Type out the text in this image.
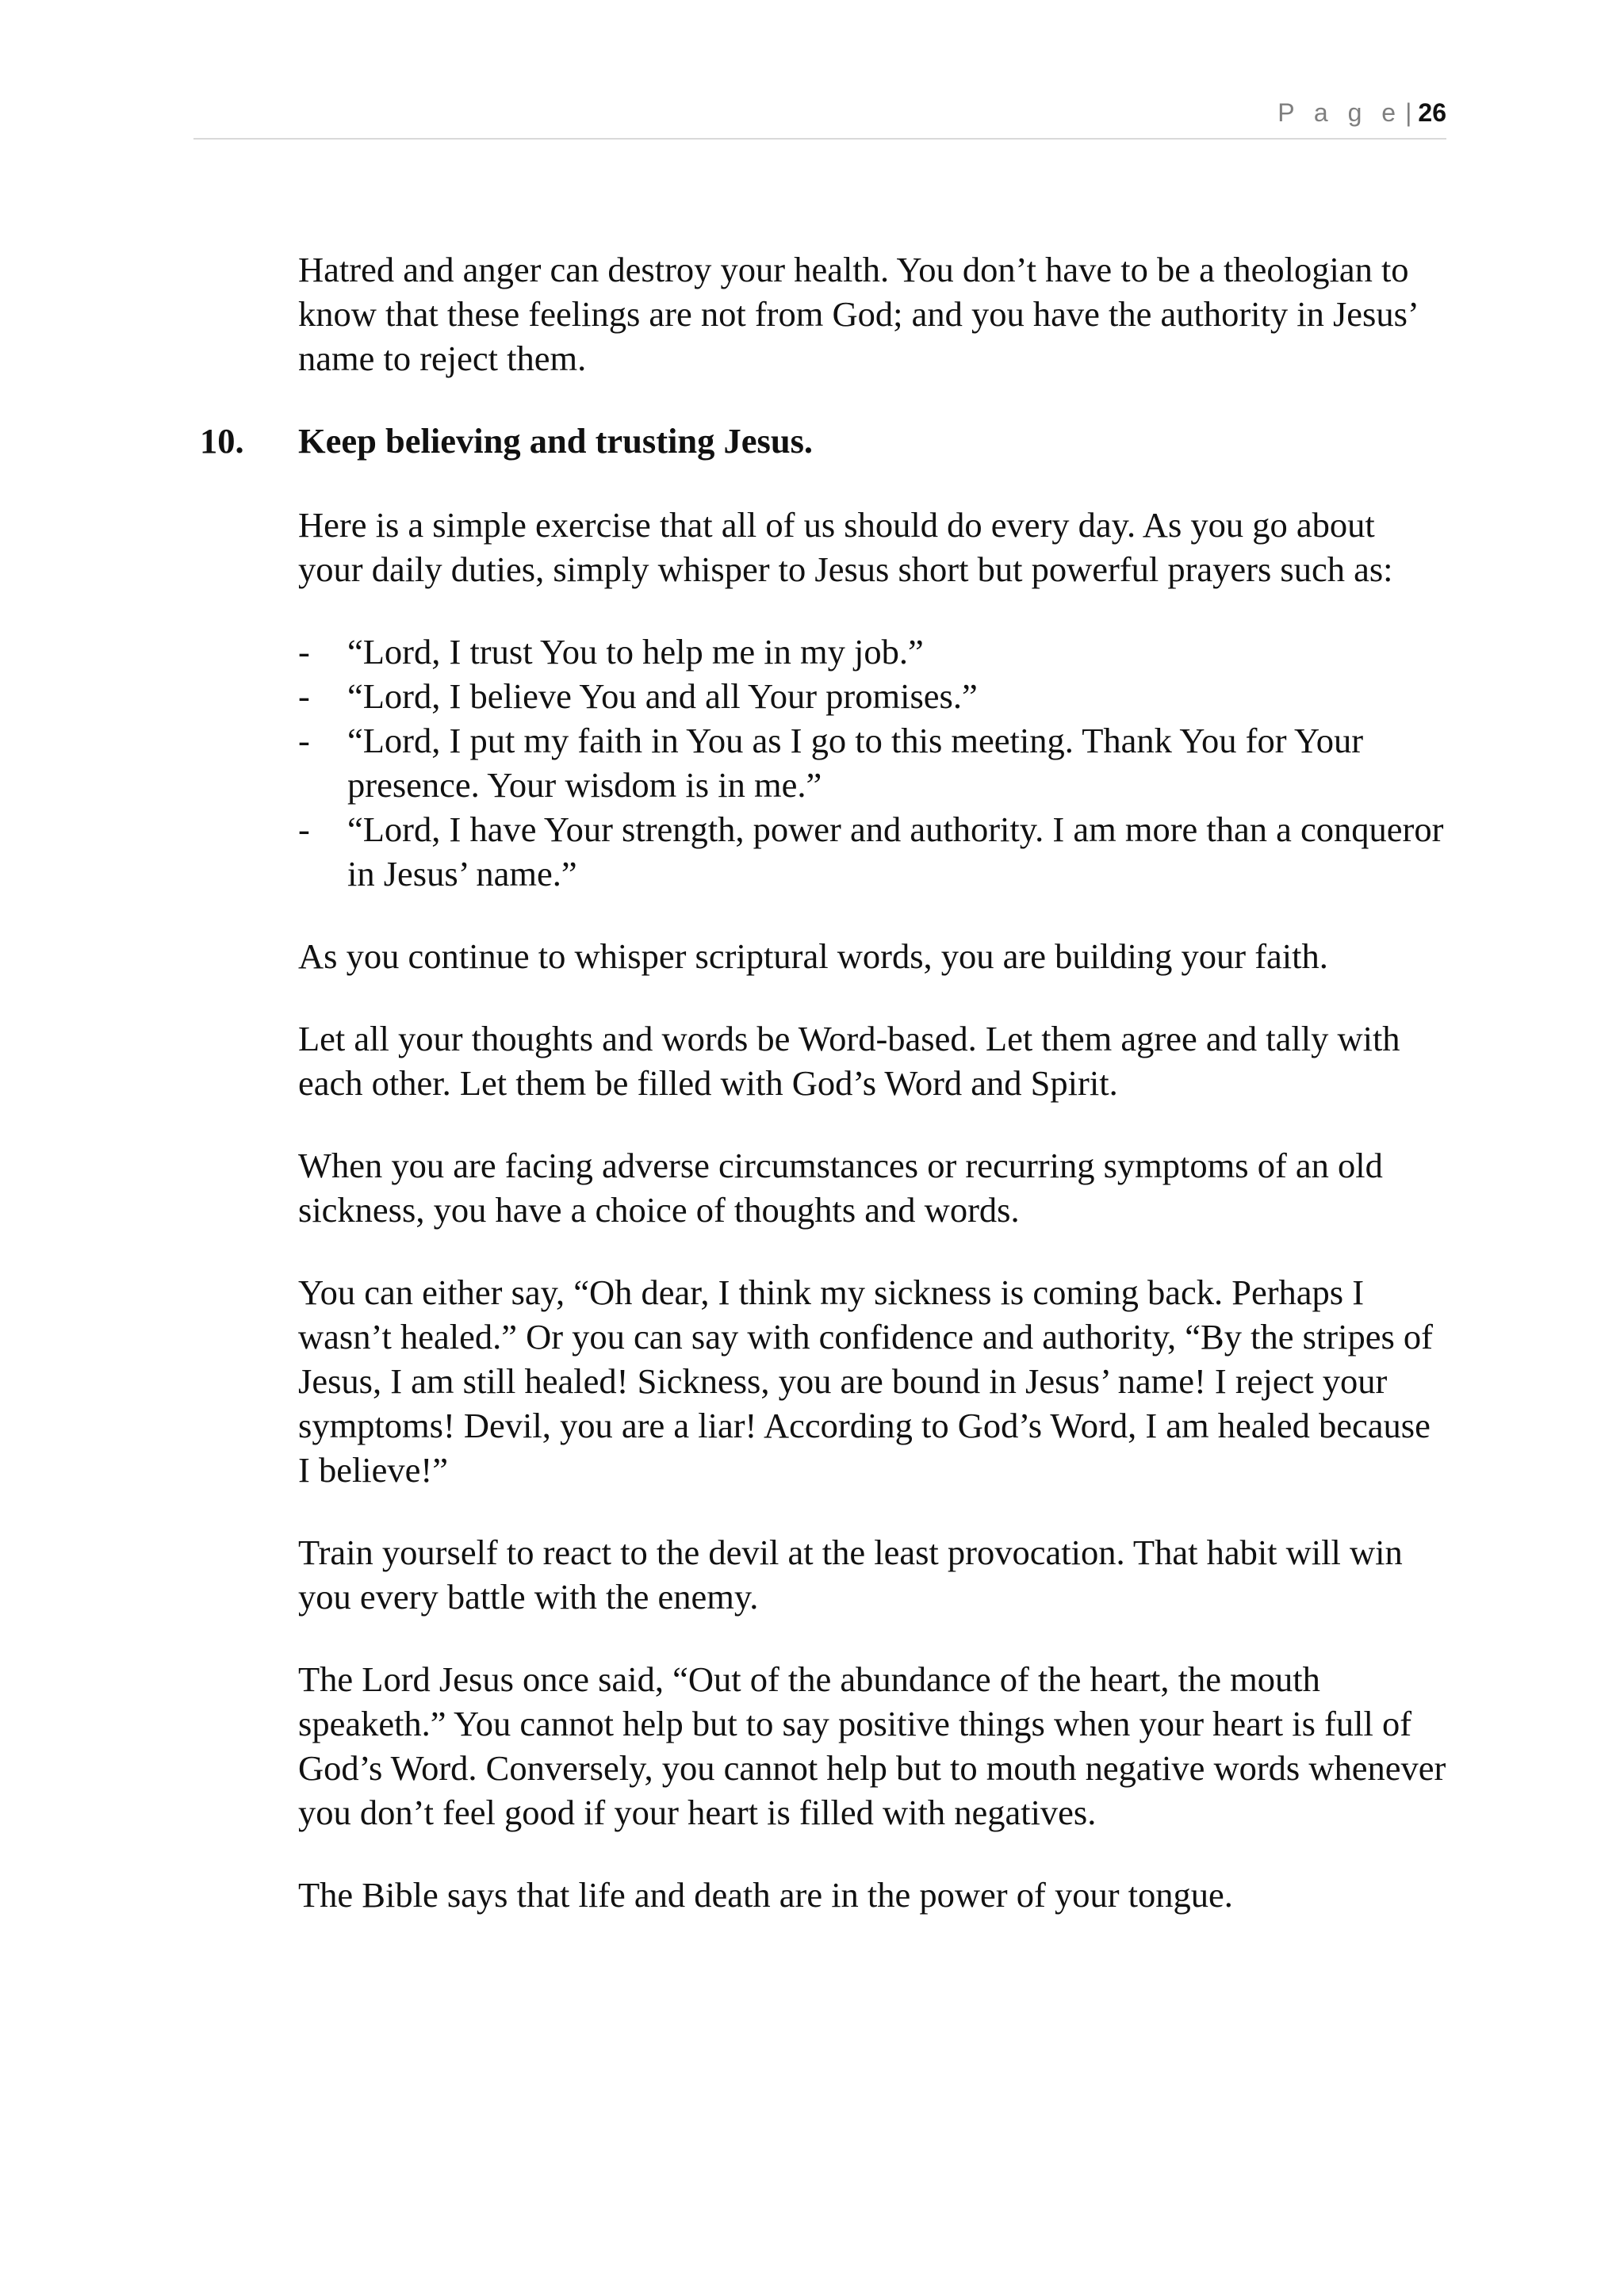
P a g e | 26

Hatred and anger can destroy your health. You don’t have to be a theologian to know that these feelings are not from God; and you have the authority in Jesus’ name to reject them.

10. Keep believing and trusting Jesus.

Here is a simple exercise that all of us should do every day. As you go about your daily duties, simply whisper to Jesus short but powerful prayers such as:

- “Lord, I trust You to help me in my job.”
- “Lord, I believe You and all Your promises.”
- “Lord, I put my faith in You as I go to this meeting. Thank You for Your presence. Your wisdom is in me.”
- “Lord, I have Your strength, power and authority. I am more than a conqueror in Jesus’ name.”

As you continue to whisper scriptural words, you are building your faith.

Let all your thoughts and words be Word-based. Let them agree and tally with each other. Let them be filled with God’s Word and Spirit.

When you are facing adverse circumstances or recurring symptoms of an old sickness, you have a choice of thoughts and words.

You can either say, “Oh dear, I think my sickness is coming back. Perhaps I wasn’t healed.” Or you can say with confidence and authority, “By the stripes of Jesus, I am still healed! Sickness, you are bound in Jesus’ name! I reject your symptoms! Devil, you are a liar! According to God’s Word, I am healed because I believe!”

Train yourself to react to the devil at the least provocation. That habit will win you every battle with the enemy.

The Lord Jesus once said, “Out of the abundance of the heart, the mouth speaketh.” You cannot help but to say positive things when your heart is full of God’s Word. Conversely, you cannot help but to mouth negative words whenever you don’t feel good if your heart is filled with negatives.

The Bible says that life and death are in the power of your tongue.
